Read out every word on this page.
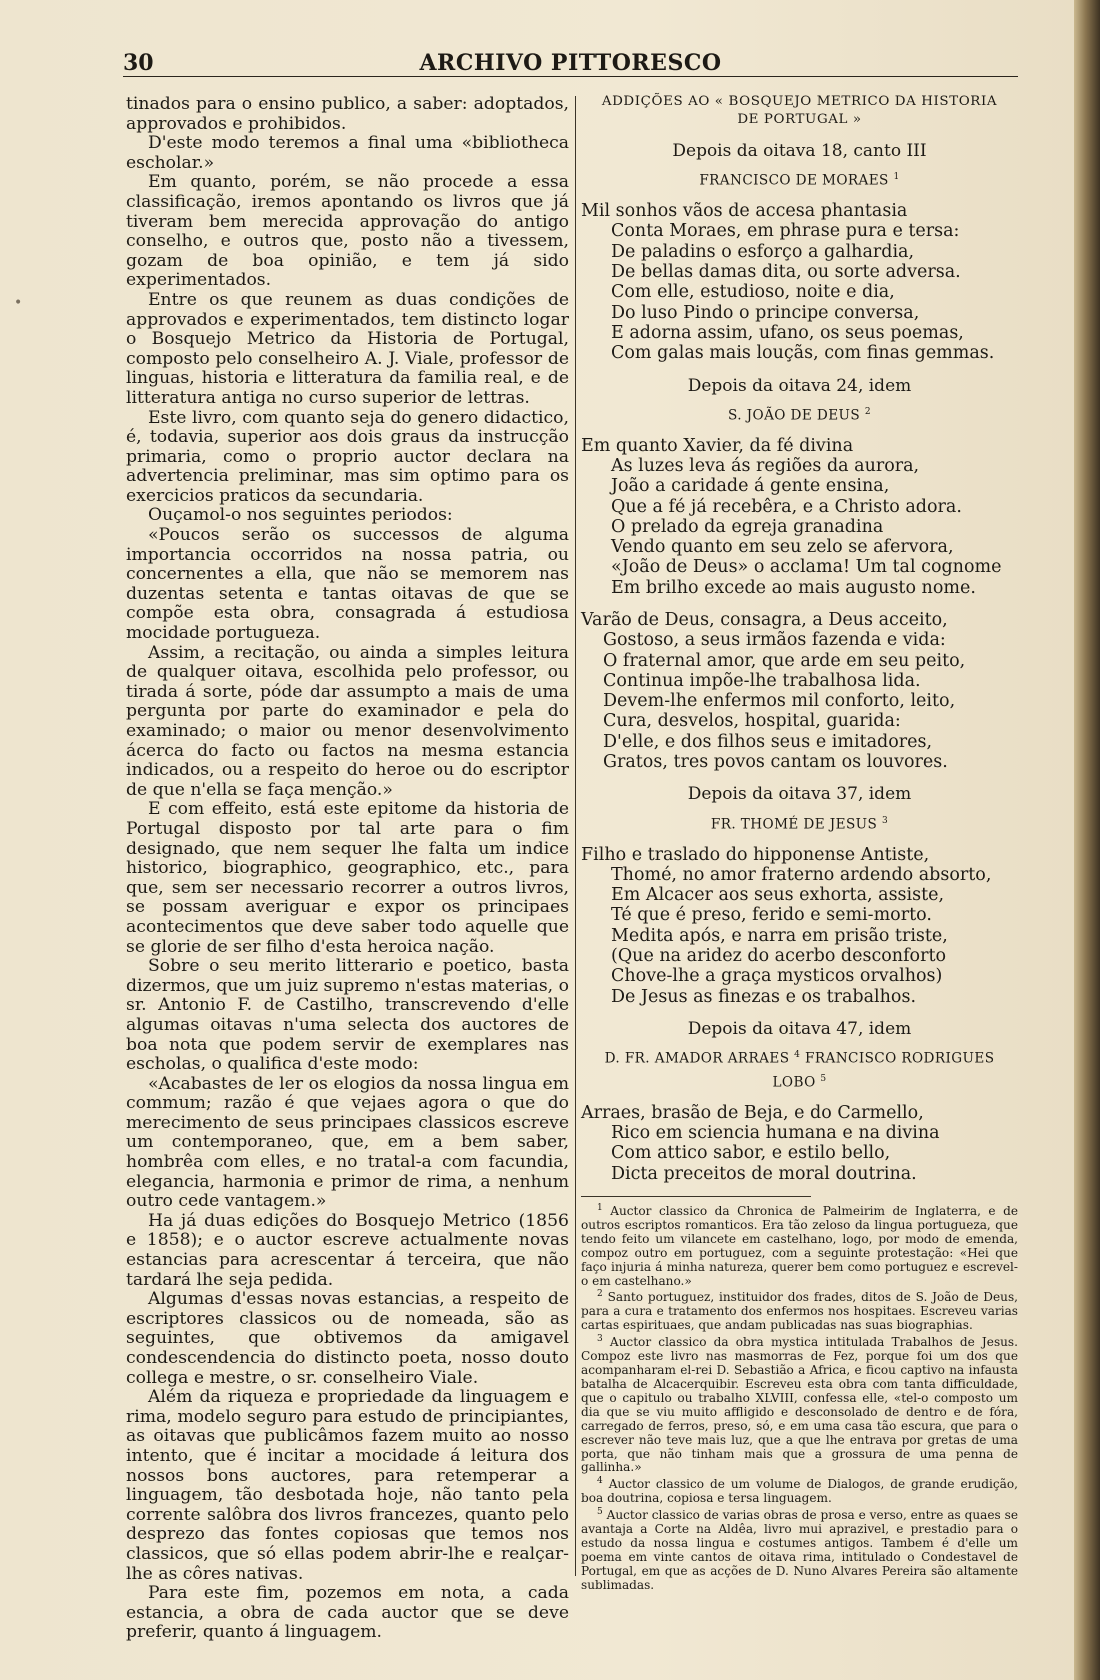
30	ARCHIVO PITTORESCO

tinados para o ensino publico, a saber: adoptados, approvados e prohibidos.

D'este modo teremos a final uma «bibliotheca escholar.»

Em quanto, porém, se não procede a essa classificação, iremos apontando os livros que já tiveram bem merecida approvação do antigo conselho, e outros que, posto não a tivessem, gozam de boa opinião, e tem já sido experimentados.

Entre os que reunem as duas condições de approvados e experimentados, tem distincto logar o Bosquejo Metrico da Historia de Portugal, composto pelo conselheiro A. J. Viale, professor de linguas, historia e litteratura da familia real, e de litteratura antiga no curso superior de lettras.

Este livro, com quanto seja do genero didactico, é, todavia, superior aos dois graus da instrucção primaria, como o proprio auctor declara na advertencia preliminar, mas sim optimo para os exercicios praticos da secundaria.

Ouçamol-o nos seguintes periodos:

«Poucos serão os successos de alguma importancia occorridos na nossa patria, ou concernentes a ella, que não se memorem nas duzentas setenta e tantas oitavas de que se compõe esta obra, consagrada á estudiosa mocidade portugueza.

Assim, a recitação, ou ainda a simples leitura de qualquer oitava, escolhida pelo professor, ou tirada á sorte, póde dar assumpto a mais de uma pergunta por parte do examinador e pela do examinado; o maior ou menor desenvolvimento ácerca do facto ou factos na mesma estancia indicados, ou a respeito do heroe ou do escriptor de que n'ella se faça menção.»

E com effeito, está este epitome da historia de Portugal disposto por tal arte para o fim designado, que nem sequer lhe falta um indice historico, biographico, geographico, etc., para que, sem ser necessario recorrer a outros livros, se possam averiguar e expor os principaes acontecimentos que deve saber todo aquelle que se glorie de ser filho d'esta heroica nação.

Sobre o seu merito litterario e poetico, basta dizermos, que um juiz supremo n'estas materias, o sr. Antonio F. de Castilho, transcrevendo d'elle algumas oitavas n'uma selecta dos auctores de boa nota que podem servir de exemplares nas escholas, o qualifica d'este modo:

«Acabastes de ler os elogios da nossa lingua em commum; razão é que vejaes agora o que do merecimento de seus principaes classicos escreve um contemporaneo, que, em a bem saber, hombrêa com elles, e no tratal-a com facundia, elegancia, harmonia e primor de rima, a nenhum outro cede vantagem.»

Ha já duas edições do Bosquejo Metrico (1856 e 1858); e o auctor escreve actualmente novas estancias para acrescentar á terceira, que não tardará lhe seja pedida.

Algumas d'essas novas estancias, a respeito de escriptores classicos ou de nomeada, são as seguintes, que obtivemos da amigavel condescendencia do distincto poeta, nosso douto collega e mestre, o sr. conselheiro Viale.

Além da riqueza e propriedade da linguagem e rima, modelo seguro para estudo de principiantes, as oitavas que publicâmos fazem muito ao nosso intento, que é incitar a mocidade á leitura dos nossos bons auctores, para retemperar a linguagem, tão desbotada hoje, não tanto pela corrente salôbra dos livros francezes, quanto pelo desprezo das fontes copiosas que temos nos classicos, que só ellas podem abrir-lhe e realçar-lhe as côres nativas.

Para este fim, pozemos em nota, a cada estancia, a obra de cada auctor que se deve preferir, quanto á linguagem.

ADDIÇÕES AO « BOSQUEJO METRICO DA HISTORIA
DE PORTUGAL »
Depois da oitava 18, canto III
FRANCISCO DE MORAES $^1$
Mil sonhos vãos de accesa phantasia
Conta Moraes, em phrase pura e tersa:
De paladins o esforço a galhardia,
De bellas damas dita, ou sorte adversa.
Com elle, estudioso, noite e dia,
Do luso Pindo o principe conversa,
E adorna assim, ufano, os seus poemas,
Com galas mais louçãs, com finas gemmas.
Depois da oitava 24, idem
S. JOÃO DE DEUS $^2$
Em quanto Xavier, da fé divina
As luzes leva ás regiões da aurora,
João a caridade á gente ensina,
Que a fé já recebêra, e a Christo adora.
O prelado da egreja granadina
Vendo quanto em seu zelo se afervora,
«João de Deus» o acclama! Um tal cognome
Em brilho excede ao mais augusto nome.
Varão de Deus, consagra, a Deus acceito,
Gostoso, a seus irmãos fazenda e vida:
O fraternal amor, que arde em seu peito,
Continua impõe-lhe trabalhosa lida.
Devem-lhe enfermos mil conforto, leito,
Cura, desvelos, hospital, guarida:
D'elle, e dos filhos seus e imitadores,
Gratos, tres povos cantam os louvores.
Depois da oitava 37, idem
FR. THOMÉ DE JESUS $^3$
Filho e traslado do hipponense Antiste,
Thomé, no amor fraterno ardendo absorto,
Em Alcacer aos seus exhorta, assiste,
Té que é preso, ferido e semi-morto.
Medita após, e narra em prisão triste,
(Que na aridez do acerbo desconforto
Chove-lhe a graça mysticos orvalhos)
De Jesus as finezas e os trabalhos.
Depois da oitava 47, idem
D. FR. AMADOR ARRAES $^4$ FRANCISCO RODRIGUES LOBO $^5$
Arraes, brasão de Beja, e do Carmello,
Rico em sciencia humana e na divina
Com attico sabor, e estilo bello,
Dicta preceitos de moral doutrina.

$^1$ Auctor classico da Chronica de Palmeirim de Inglaterra, e de outros escriptos romanticos. Era tão zeloso da lingua portugueza, que tendo feito um vilancete em castelhano, logo, por modo de emenda, compoz outro em portuguez, com a seguinte protestação: «Hei que faço injuria á minha natureza, querer bem como portuguez e escrevel-o em castelhano.»

$^2$ Santo portuguez, instituidor dos frades, ditos de S. João de Deus, para a cura e tratamento dos enfermos nos hospitaes. Escreveu varias cartas espirituaes, que andam publicadas nas suas biographias.

$^3$ Auctor classico da obra mystica intitulada Trabalhos de Jesus. Compoz este livro nas masmorras de Fez, porque foi um dos que acompanharam el-rei D. Sebastião a Africa, e ficou captivo na infausta batalha de Alcacerquibir. Escreveu esta obra com tanta difficuldade, que o capitulo ou trabalho XLVIII, confessa elle, «tel-o composto um dia que se viu muito affligido e desconsolado de dentro e de fóra, carregado de ferros, preso, só, e em uma casa tão escura, que para o escrever não teve mais luz, que a que lhe entrava por gretas de uma porta, que não tinham mais que a grossura de uma penna de gallinha.»

$^4$ Auctor classico de um volume de Dialogos, de grande erudição, boa doutrina, copiosa e tersa linguagem.

$^5$ Auctor classico de varias obras de prosa e verso, entre as quaes se avantaja a Corte na Aldêa, livro mui aprazivel, e prestadio para o estudo da nossa lingua e costumes antigos. Tambem é d'elle um poema em vinte cantos de oitava rima, intitulado o Condestavel de Portugal, em que as acções de D. Nuno Alvares Pereira são altamente sublimadas.

•
